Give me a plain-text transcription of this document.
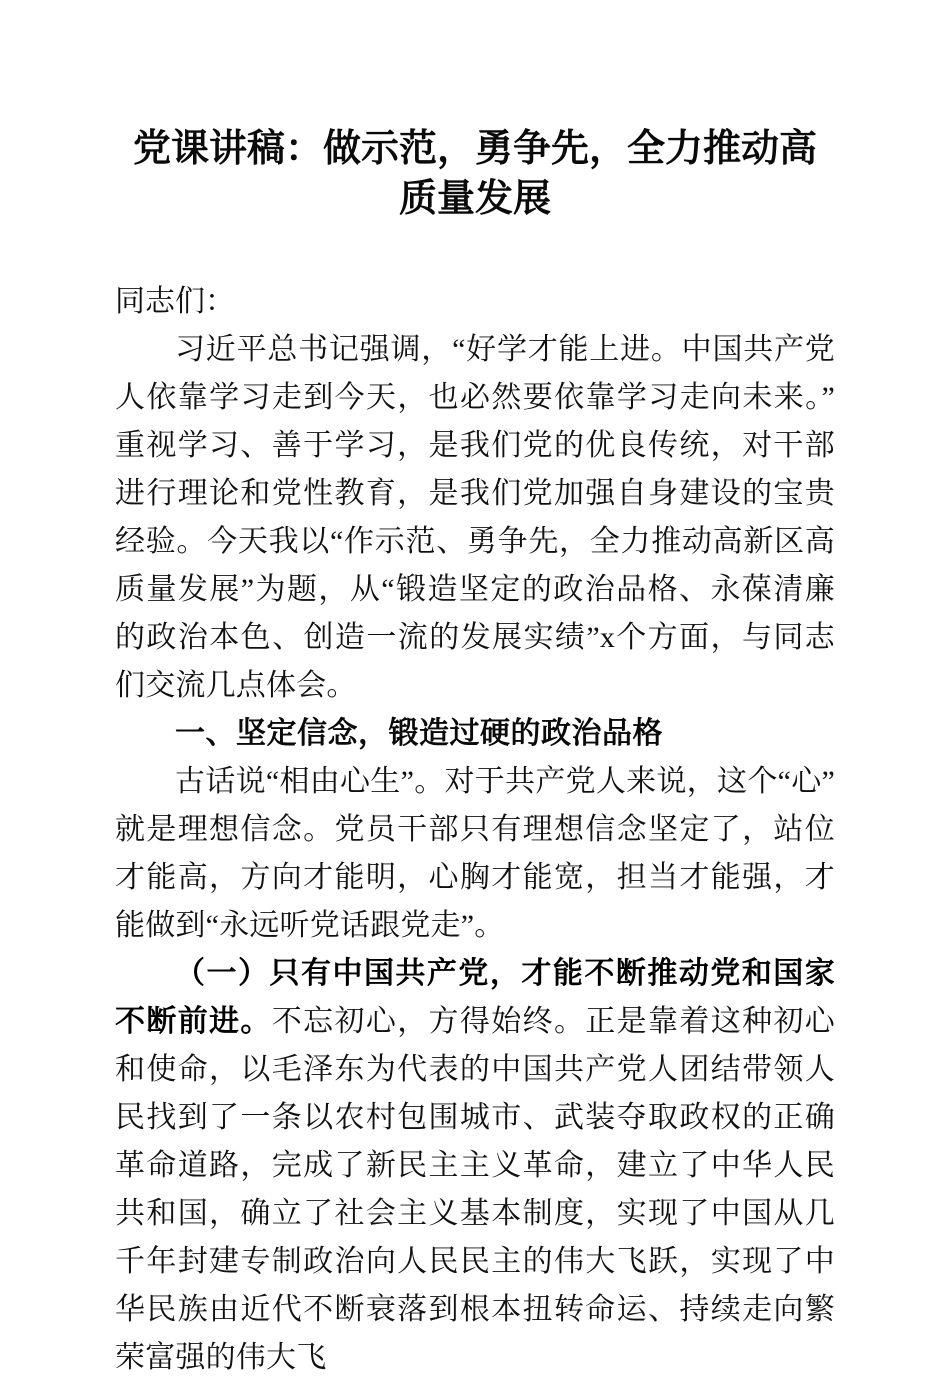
党课讲稿：做示范，勇争先，全力推动高质量发展

同志们：

习近平总书记强调，“好学才能上进。中国共产党人依靠学习走到今天，也必然要依靠学习走向未来。”重视学习、善于学习，是我们党的优良传统，对干部进行理论和党性教育，是我们党加强自身建设的宝贵经验。今天我以“作示范、勇争先，全力推动高新区高质量发展”为题，从“锻造坚定的政治品格、永葆清廉的政治本色、创造一流的发展实绩”x个方面，与同志们交流几点体会。

一、坚定信念，锻造过硬的政治品格

古话说“相由心生”。对于共产党人来说，这个“心”就是理想信念。党员干部只有理想信念坚定了，站位才能高，方向才能明，心胸才能宽，担当才能强，才能做到“永远听党话跟党走”。

（一）只有中国共产党，才能不断推动党和国家不断前进。不忘初心，方得始终。正是靠着这种初心和使命，以毛泽东为代表的中国共产党人团结带领人民找到了一条以农村包围城市、武装夺取政权的正确革命道路，完成了新民主主义革命，建立了中华人民共和国，确立了社会主义基本制度，实现了中国从几千年封建专制政治向人民民主的伟大飞跃，实现了中华民族由近代不断衰落到根本扭转命运、持续走向繁荣富强的伟大飞
